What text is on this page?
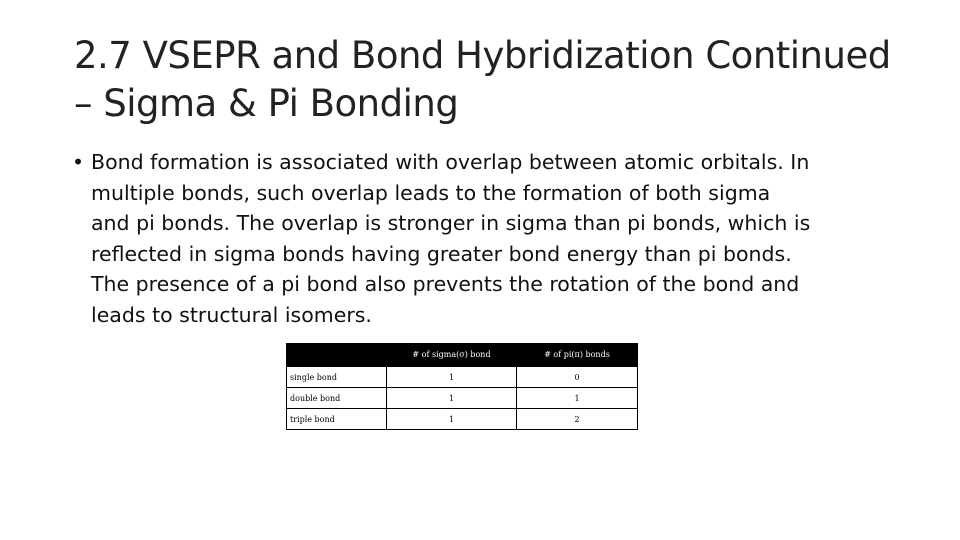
2.7 VSEPR and Bond Hybridization Continued
– Sigma & Pi Bonding
• Bond formation is associated with overlap between atomic orbitals. In
multiple bonds, such overlap leads to the formation of both sigma
and pi bonds. The overlap is stronger in sigma than pi bonds, which is
reflected in sigma bonds having greater bond energy than pi bonds.
The presence of a pi bond also prevents the rotation of the bond and
leads to structural isomers.
	# of sigma(σ) bond	# of pi(π) bonds
single bond	1	0
double bond	1	1
triple bond	1	2
